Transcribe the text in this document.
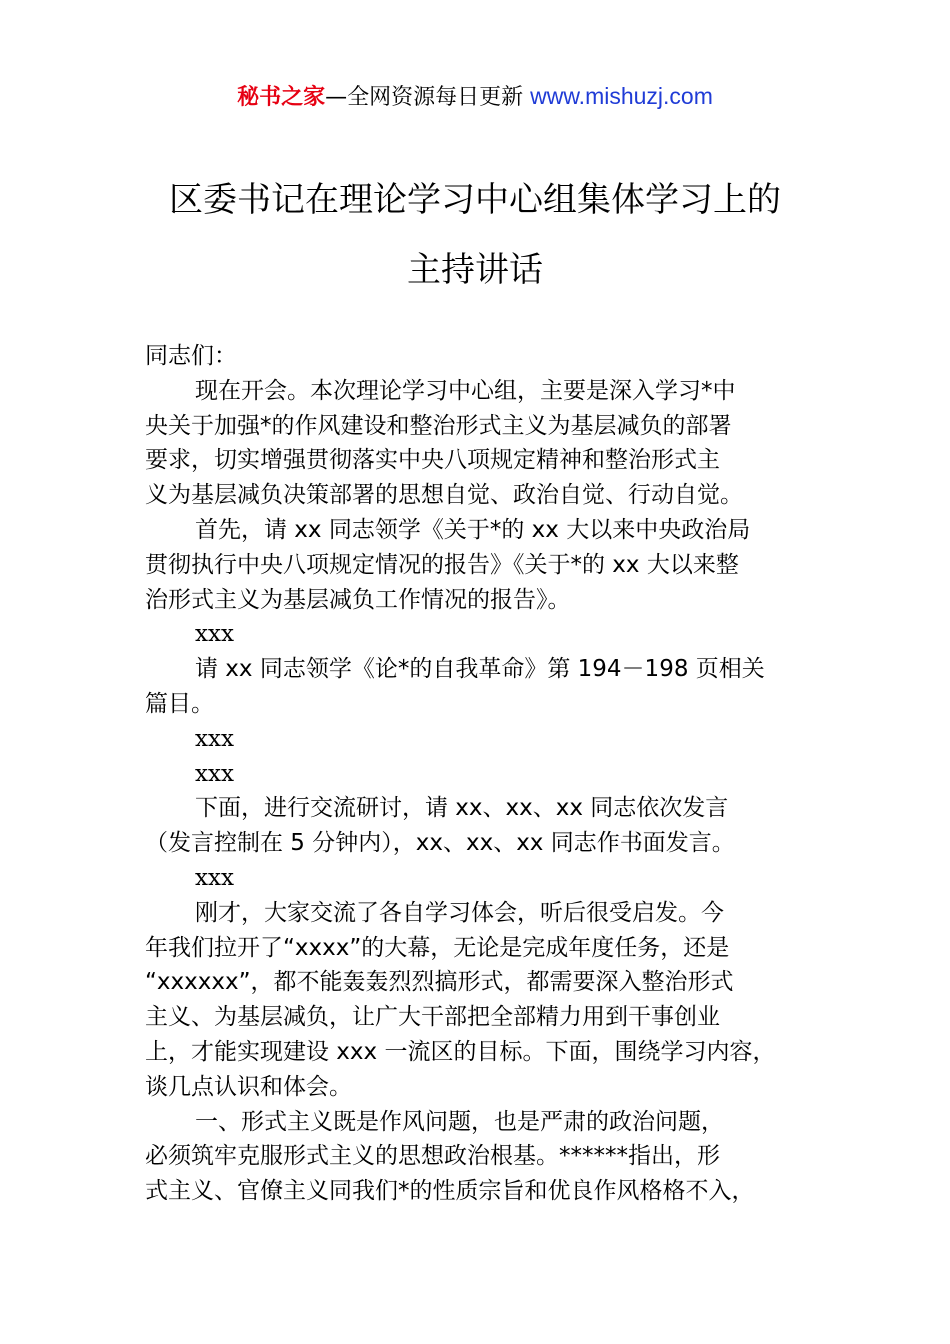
秘书之家—全网资源每日更新 www.mishuzj.com
区委书记在理论学习中心组集体学习上的
主持讲话

同志们：

现在开会。本次理论学习中心组，主要是深入学习*中

央关于加强*的作风建设和整治形式主义为基层减负的部署

要求，切实增强贯彻落实中央八项规定精神和整治形式主

义为基层减负决策部署的思想自觉、政治自觉、行动自觉。

首先，请 xx 同志领学《关于*的 xx 大以来中央政治局

贯彻执行中央八项规定情况的报告》《关于*的 xx 大以来整

治形式主义为基层减负工作情况的报告》。

xxx

请 xx 同志领学《论*的自我革命》第 194－198 页相关

篇目。

xxx

xxx

下面，进行交流研讨，请 xx、xx、xx 同志依次发言

（发言控制在 5 分钟内），xx、xx、xx 同志作书面发言。

xxx

刚才，大家交流了各自学习体会，听后很受启发。今

年我们拉开了“xxxx”的大幕，无论是完成年度任务，还是

“xxxxxx”，都不能轰轰烈烈搞形式，都需要深入整治形式

主义、为基层减负，让广大干部把全部精力用到干事创业

上，才能实现建设 xxx 一流区的目标。下面，围绕学习内容，

谈几点认识和体会。

一、形式主义既是作风问题，也是严肃的政治问题，

必须筑牢克服形式主义的思想政治根基。******指出，形

式主义、官僚主义同我们*的性质宗旨和优良作风格格不入，
